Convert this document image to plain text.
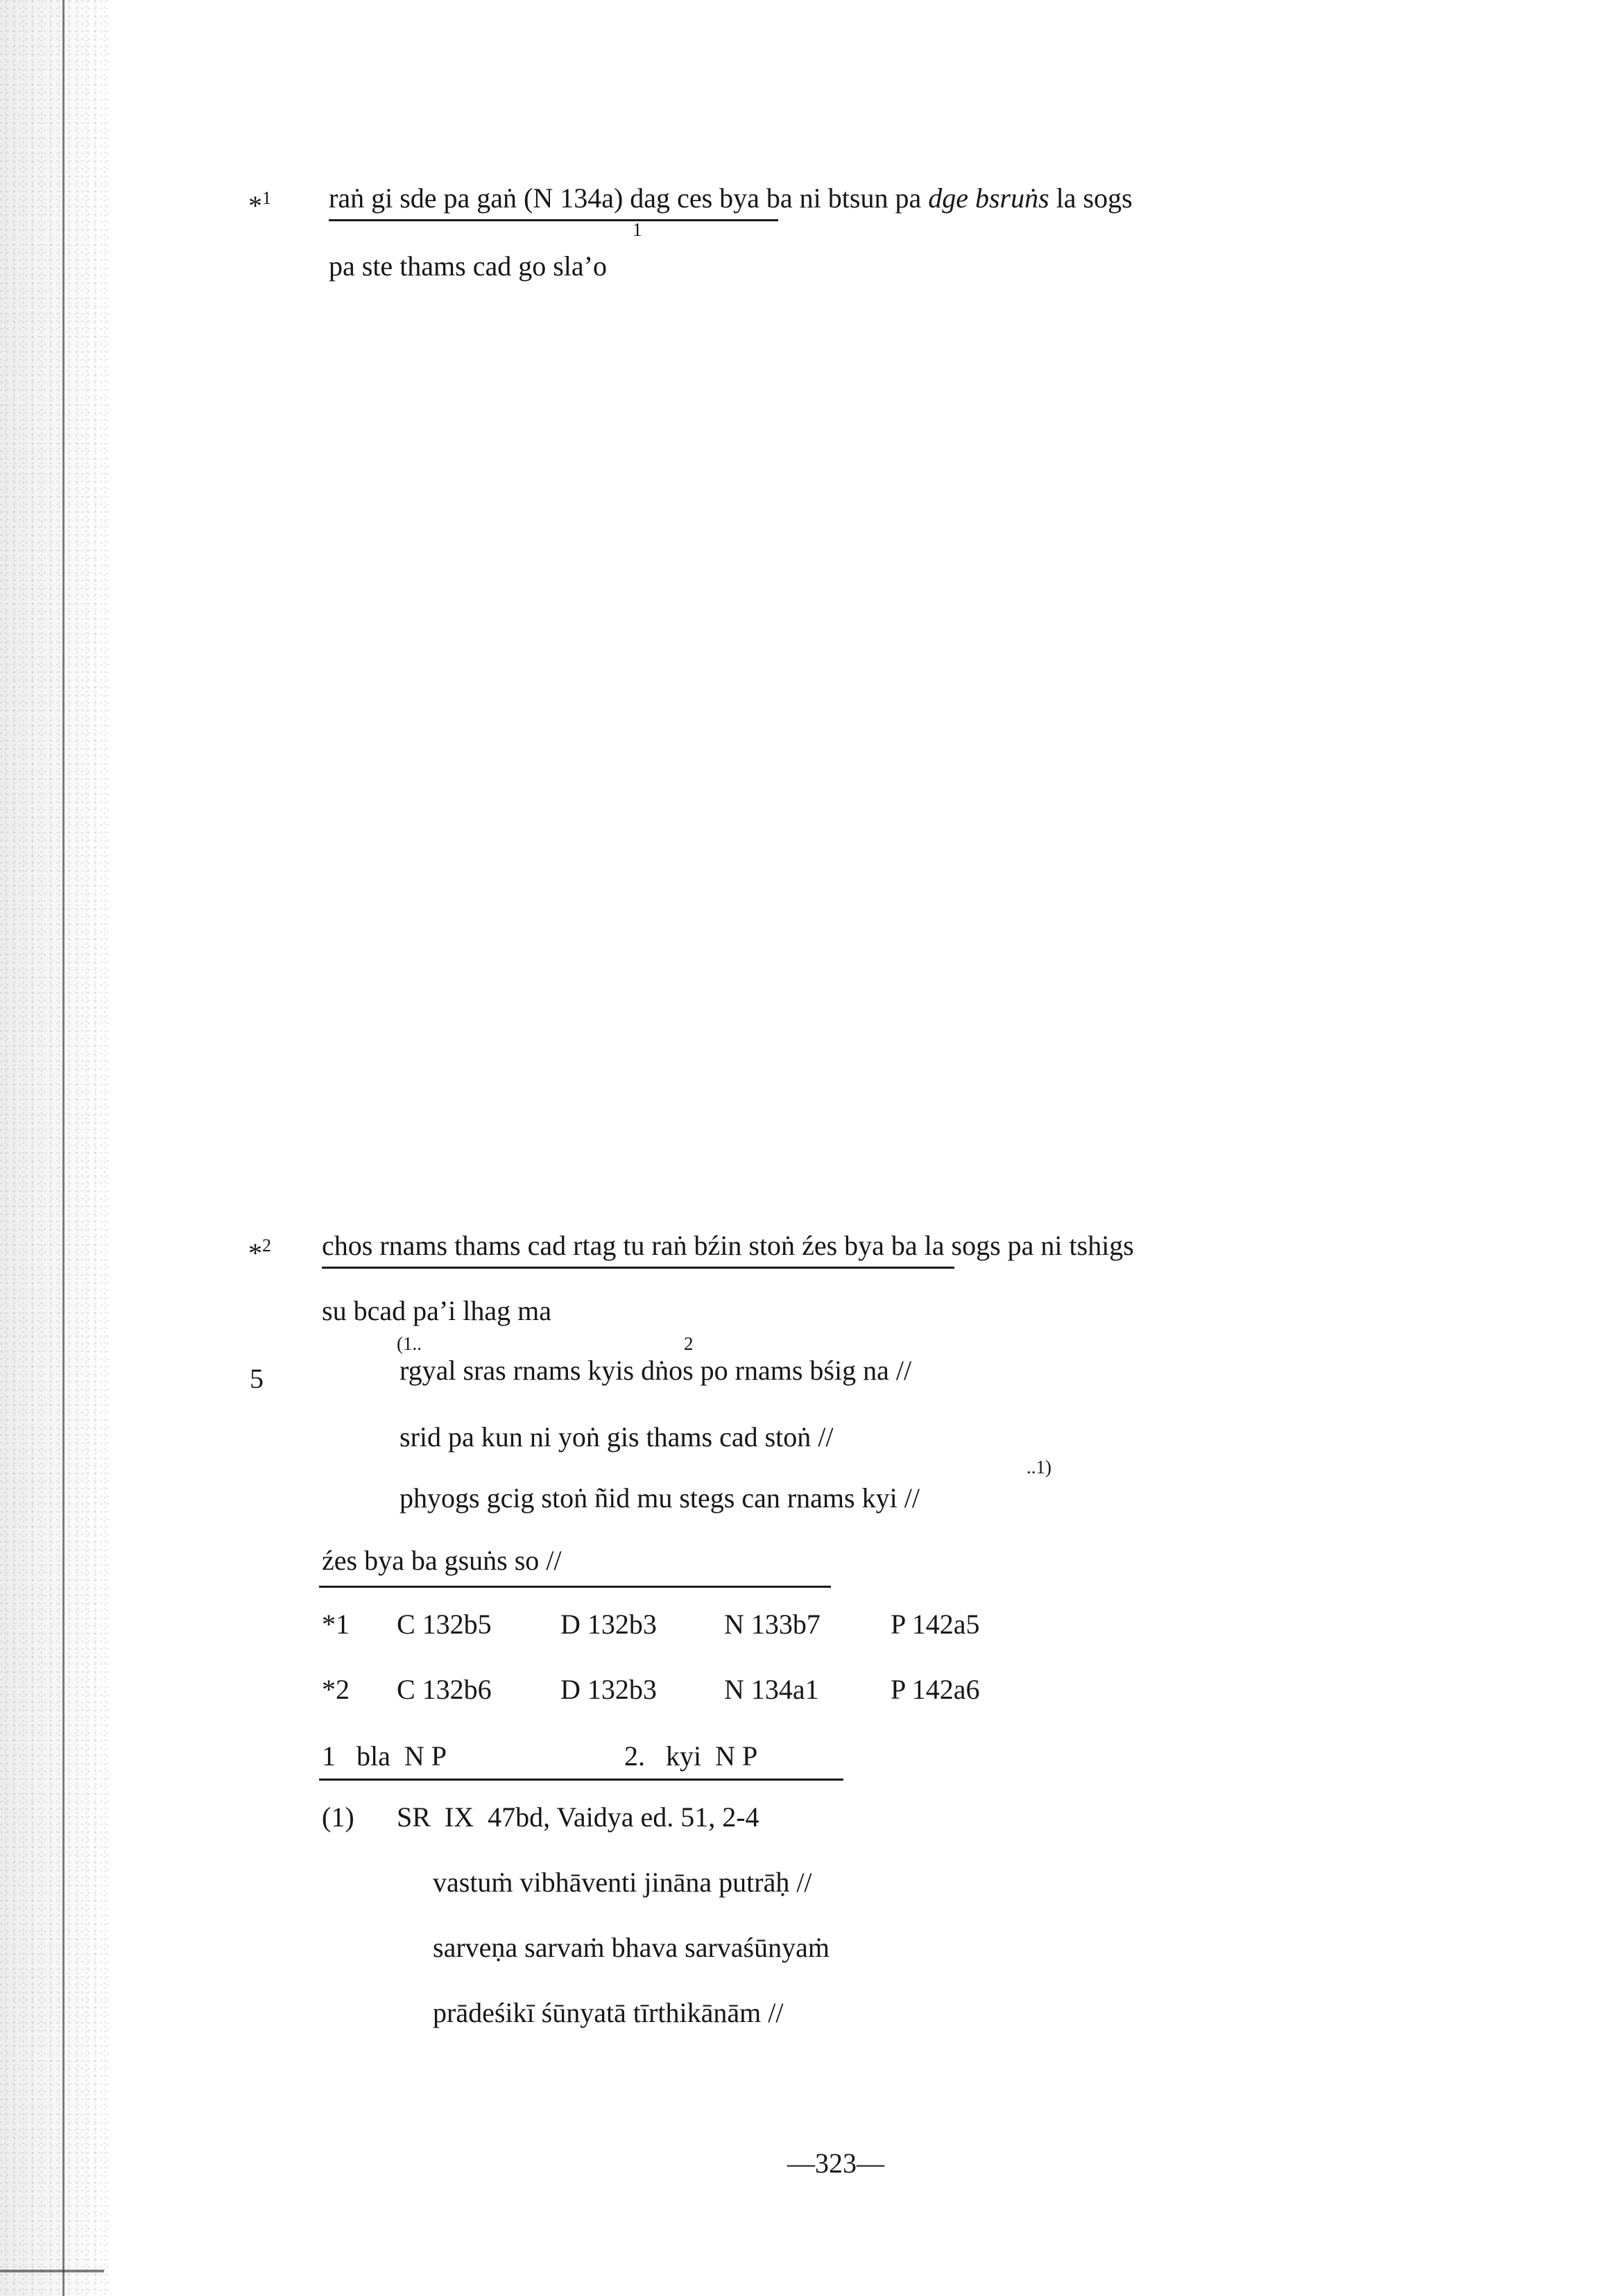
*$^1$ raṅ gi sde pa gaṅ (N 134a) dag ces bya ba ni btsun pa dge bsruṅs la sogs
1
pa ste thams cad go sla’o
*$^2$ chos rnams thams cad rtag tu raṅ bźin stoṅ źes bya ba la sogs pa ni tshigs
su bcad pa’i lhag ma
(1..	2
5	rgyal sras rnams kyis dṅos po rnams bśig na //
srid pa kun ni yoṅ gis thams cad stoṅ //
..1)
phyogs gcig stoṅ ñid mu stegs can rnams kyi //
źes bya ba gsuṅs so //
*1 C 132b5 D 132b3 N 133b7	P 142a5
*2 C 132b6 D 132b3 N 134a1	P 142a6
1   bla  N P	2.   kyi  N P
(1) SR  IX  47bd, Vaidya ed. 51, 2-4
vastuṁ vibhāventi jināna putrāḥ //
sarveṇa sarvaṁ bhava sarvaśūnyaṁ
prādeśikī śūnyatā tīrthikānām //
—323—
